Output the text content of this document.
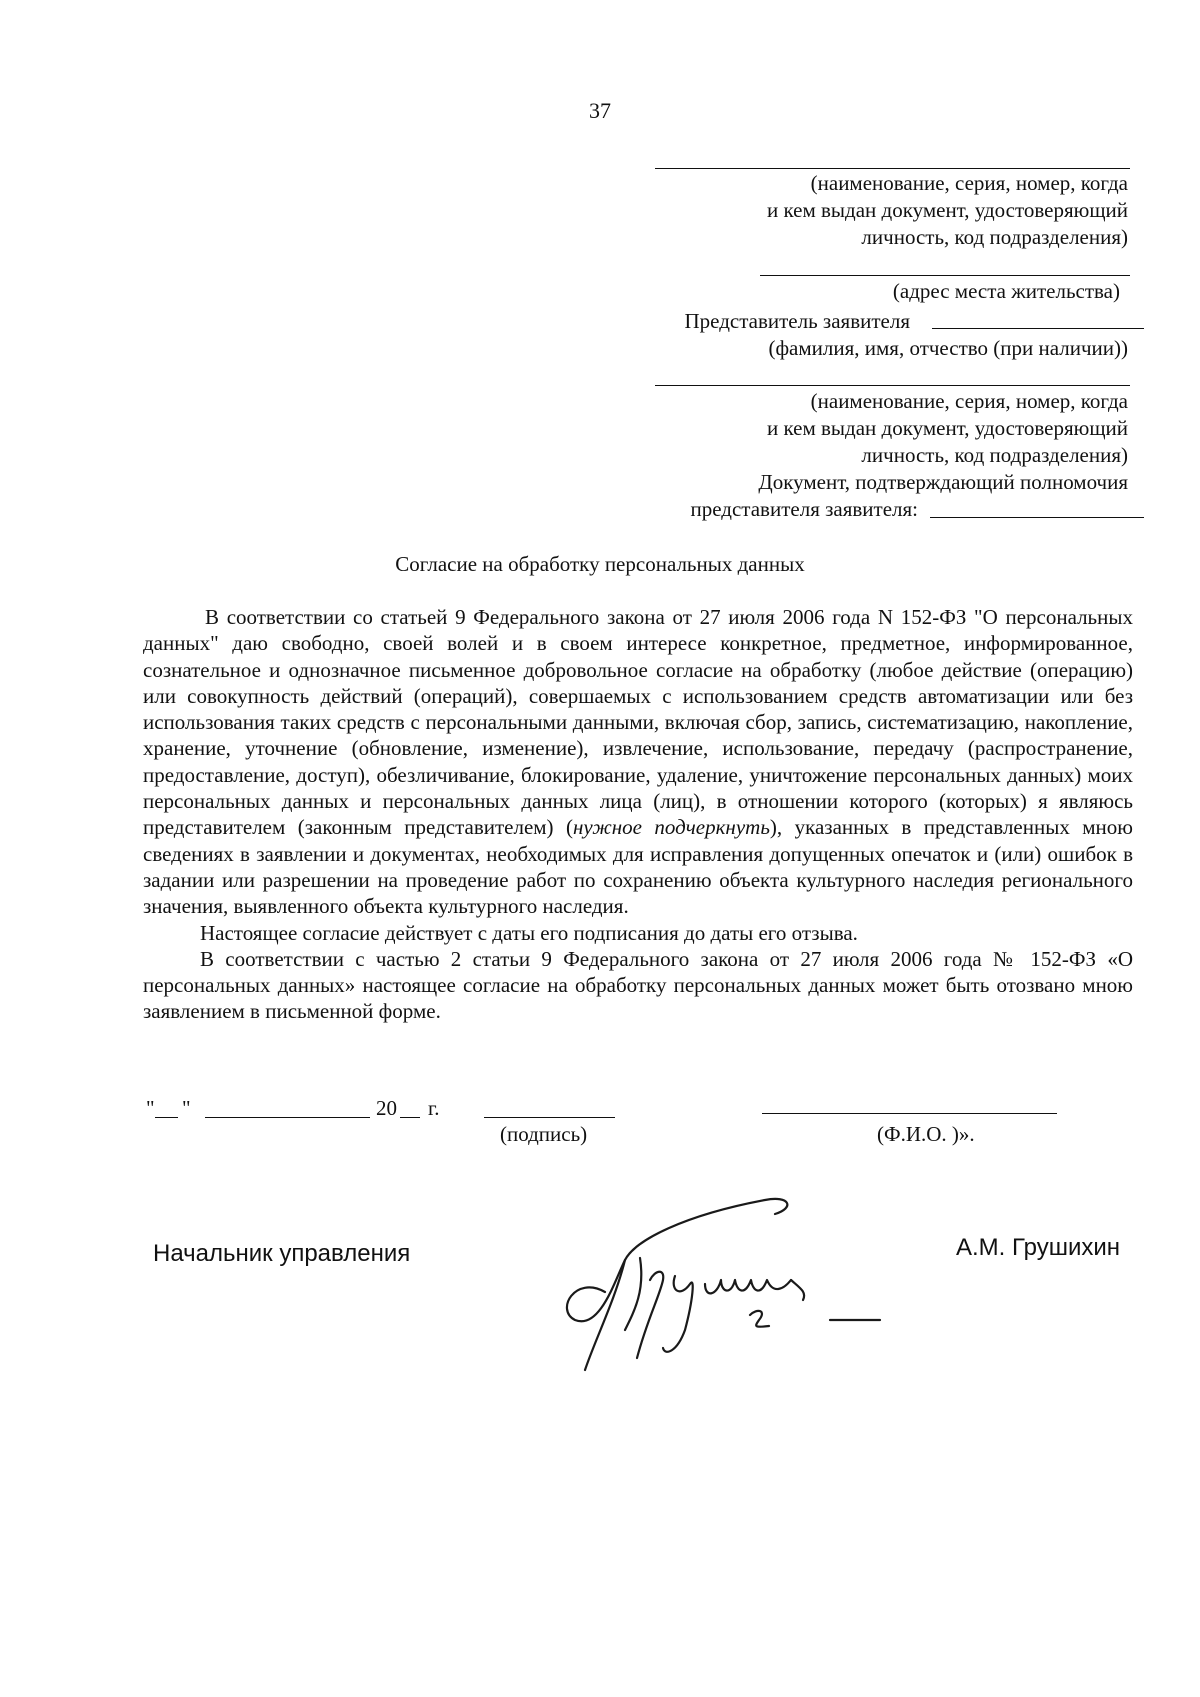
37
(наименование, серия, номер, когда
и кем выдан документ, удостоверяющий
личность, код подразделения)
(адрес места жительства)
Представитель заявителя
(фамилия, имя, отчество (при наличии))
(наименование, серия, номер, когда
и кем выдан документ, удостоверяющий
личность, код подразделения)
Документ, подтверждающий полномочия
представителя заявителя:
Согласие на обработку персональных данных

В соответствии со статьей 9 Федерального закона от 27 июля 2006 года N 152-ФЗ "О персональных данных" даю свободно, своей волей и в своем интересе конкретное, предметное, информированное, сознательное и однозначное письменное добровольное согласие на обработку (любое действие (операцию) или совокупность действий (операций), совершаемых с использованием средств автоматизации или без использования таких средств с персональными данными, включая сбор, запись, систематизацию, накопление, хранение, уточнение (обновление, изменение), извлечение, использование, передачу (распространение, предоставление, доступ), обезличивание, блокирование, удаление, уничтожение персональных данных) моих персональных данных и персональных данных лица (лиц), в отношении которого (которых) я являюсь представителем (законным представителем) (нужное подчеркнуть), указанных в представленных мною сведениях в заявлении и документах, необходимых для исправления допущенных опечаток и (или) ошибок в задании или разрешении на проведение работ по сохранению объекта культурного наследия регионального значения, выявленного объекта культурного наследия.

Настоящее согласие действует с даты его подписания до даты его отзыва.

В соответствии с частью 2 статьи 9 Федерального закона от 27 июля 2006 года № 152-ФЗ «О персональных данных» настоящее согласие на обработку персональных данных может быть отозвано мною заявлением в письменной форме.

" "	20 г.
(подпись)	(Ф.И.О. )».
Начальник управления	А.М. Грушихин
